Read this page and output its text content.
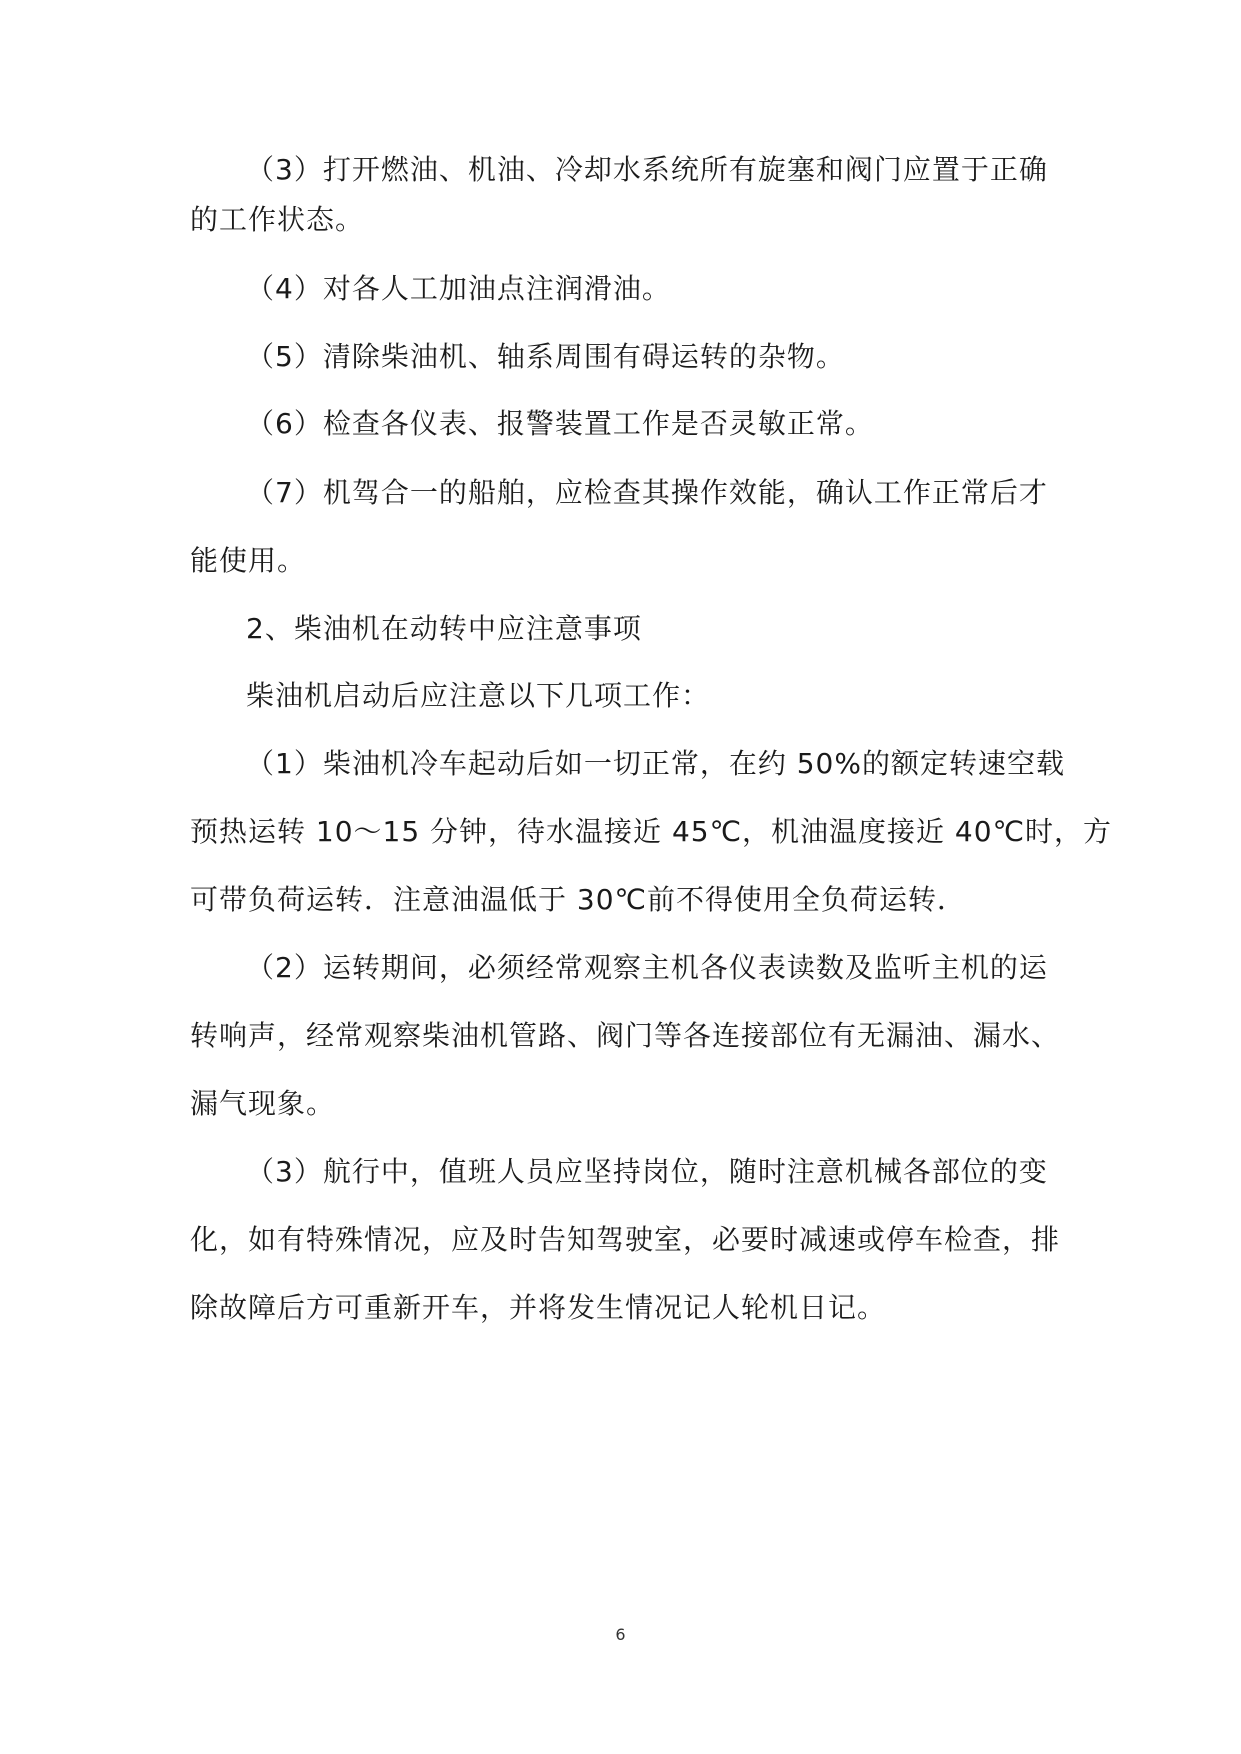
（3）打开燃油、机油、冷却水系统所有旋塞和阀门应置于正确
的工作状态。
（4）对各人工加油点注润滑油。
（5）清除柴油机、轴系周围有碍运转的杂物。
（6）检查各仪表、报警装置工作是否灵敏正常。
（7）机驾合一的船舶，应检查其操作效能，确认工作正常后才
能使用。
2、柴油机在动转中应注意事项
柴油机启动后应注意以下几项工作：
（1）柴油机冷车起动后如一切正常，在约 50%的额定转速空载
预热运转 10～15 分钟，待水温接近 45℃，机油温度接近 40℃时，方
可带负荷运转．注意油温低于 30℃前不得使用全负荷运转．
（2）运转期间，必须经常观察主机各仪表读数及监听主机的运
转响声，经常观察柴油机管路、阀门等各连接部位有无漏油、漏水、
漏气现象。
（3）航行中，值班人员应坚持岗位，随时注意机械各部位的变
化，如有特殊情况，应及时告知驾驶室，必要时减速或停车检查，排
除故障后方可重新开车，并将发生情况记人轮机日记。
6
